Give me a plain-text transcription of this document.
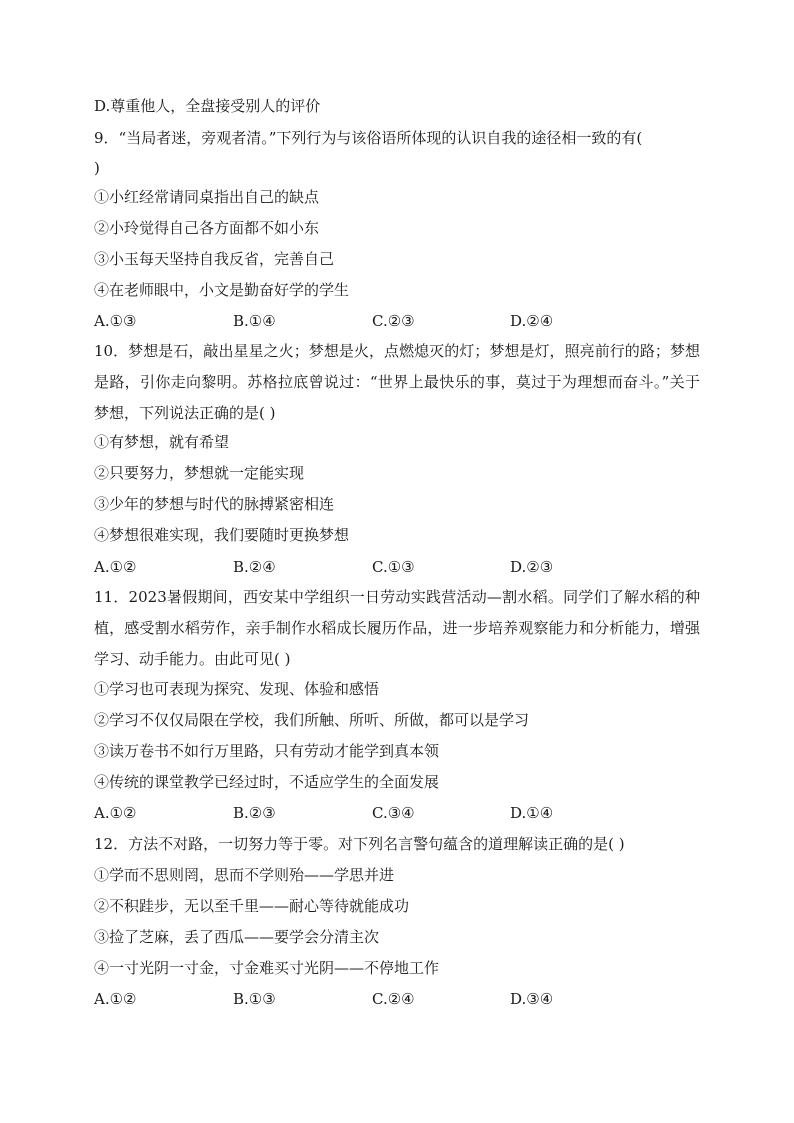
D.尊重他人，全盘接受别人的评价
9．“当局者迷，旁观者清。”下列行为与该俗语所体现的认识自我的途径相一致的有(
)
①小红经常请同桌指出自己的缺点
②小玲觉得自己各方面都不如小东
③小玉每天坚持自我反省，完善自己
④在老师眼中，小文是勤奋好学的学生
A.①③	B.①④	C.②③	D.②④
10．梦想是石，敲出星星之火；梦想是火，点燃熄灭的灯；梦想是灯，照亮前行的路；梦想是路，引你走向黎明。苏格拉底曾说过：“世界上最快乐的事，莫过于为理想而奋斗。”关于梦想，下列说法正确的是( )
①有梦想，就有希望
②只要努力，梦想就一定能实现
③少年的梦想与时代的脉搏紧密相连
④梦想很难实现，我们要随时更换梦想
A.①②	B.②④	C.①③	D.②③
11．2023暑假期间，西安某中学组织一日劳动实践营活动—割水稻。同学们了解水稻的种植，感受割水稻劳作，亲手制作水稻成长履历作品，进一步培养观察能力和分析能力，增强学习、动手能力。由此可见( )
①学习也可表现为探究、发现、体验和感悟
②学习不仅仅局限在学校，我们所触、所听、所做，都可以是学习
③读万卷书不如行万里路，只有劳动才能学到真本领
④传统的课堂教学已经过时，不适应学生的全面发展
A.①②	B.②③	C.③④	D.①④
12．方法不对路，一切努力等于零。对下列名言警句蕴含的道理解读正确的是( )
①学而不思则罔，思而不学则殆——学思并进
②不积跬步，无以至千里——耐心等待就能成功
③捡了芝麻，丢了西瓜——要学会分清主次
④一寸光阴一寸金，寸金难买寸光阴——不停地工作
A.①②	B.①③	C.②④	D.③④
